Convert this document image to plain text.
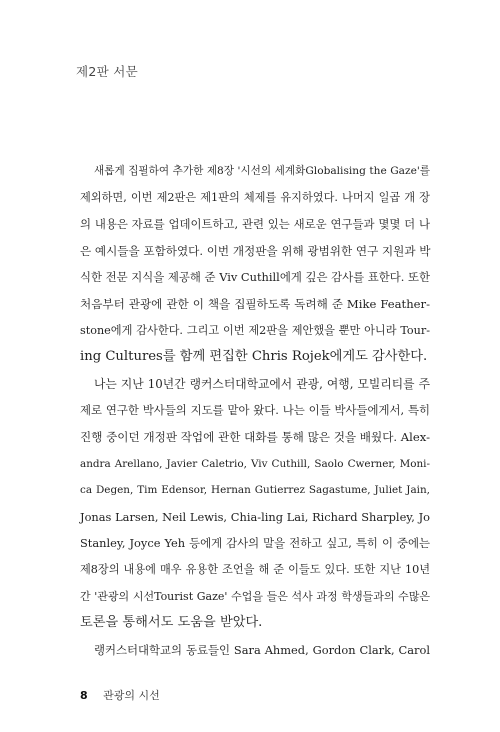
제2판 서문
새롭게 집필하여 추가한 제8장 '시선의 세계화Globalising the Gaze'를
제외하면, 이번 제2판은 제1판의 체제를 유지하였다. 나머지 일곱 개 장
의 내용은 자료를 업데이트하고, 관련 있는 새로운 연구들과 몇몇 더 나
은 예시들을 포함하였다. 이번 개정판을 위해 광범위한 연구 지원과 박
식한 전문 지식을 제공해 준 Viv Cuthill에게 깊은 감사를 표한다. 또한
처음부터 관광에 관한 이 책을 집필하도록 독려해 준 Mike Feather-
stone에게 감사한다. 그리고 이번 제2판을 제안했을 뿐만 아니라 Tour-
ing Cultures를 함께 편집한 Chris Rojek에게도 감사한다.
나는 지난 10년간 랭커스터대학교에서 관광, 여행, 모빌리티를 주
제로 연구한 박사들의 지도를 맡아 왔다. 나는 이들 박사들에게서, 특히
진행 중이던 개정판 작업에 관한 대화를 통해 많은 것을 배웠다. Alex-
andra Arellano, Javier Caletrio, Viv Cuthill, Saolo Cwerner, Moni-
ca Degen, Tim Edensor, Hernan Gutierrez Sagastume, Juliet Jain,
Jonas Larsen, Neil Lewis, Chia-ling Lai, Richard Sharpley, Jo
Stanley, Joyce Yeh 등에게 감사의 말을 전하고 싶고, 특히 이 중에는
제8장의 내용에 매우 유용한 조언을 해 준 이들도 있다. 또한 지난 10년
간 '관광의 시선Tourist Gaze' 수업을 들은 석사 과정 학생들과의 수많은
토론을 통해서도 도움을 받았다.
랭커스터대학교의 동료들인 Sara Ahmed, Gordon Clark, Carol
8 관광의 시선
